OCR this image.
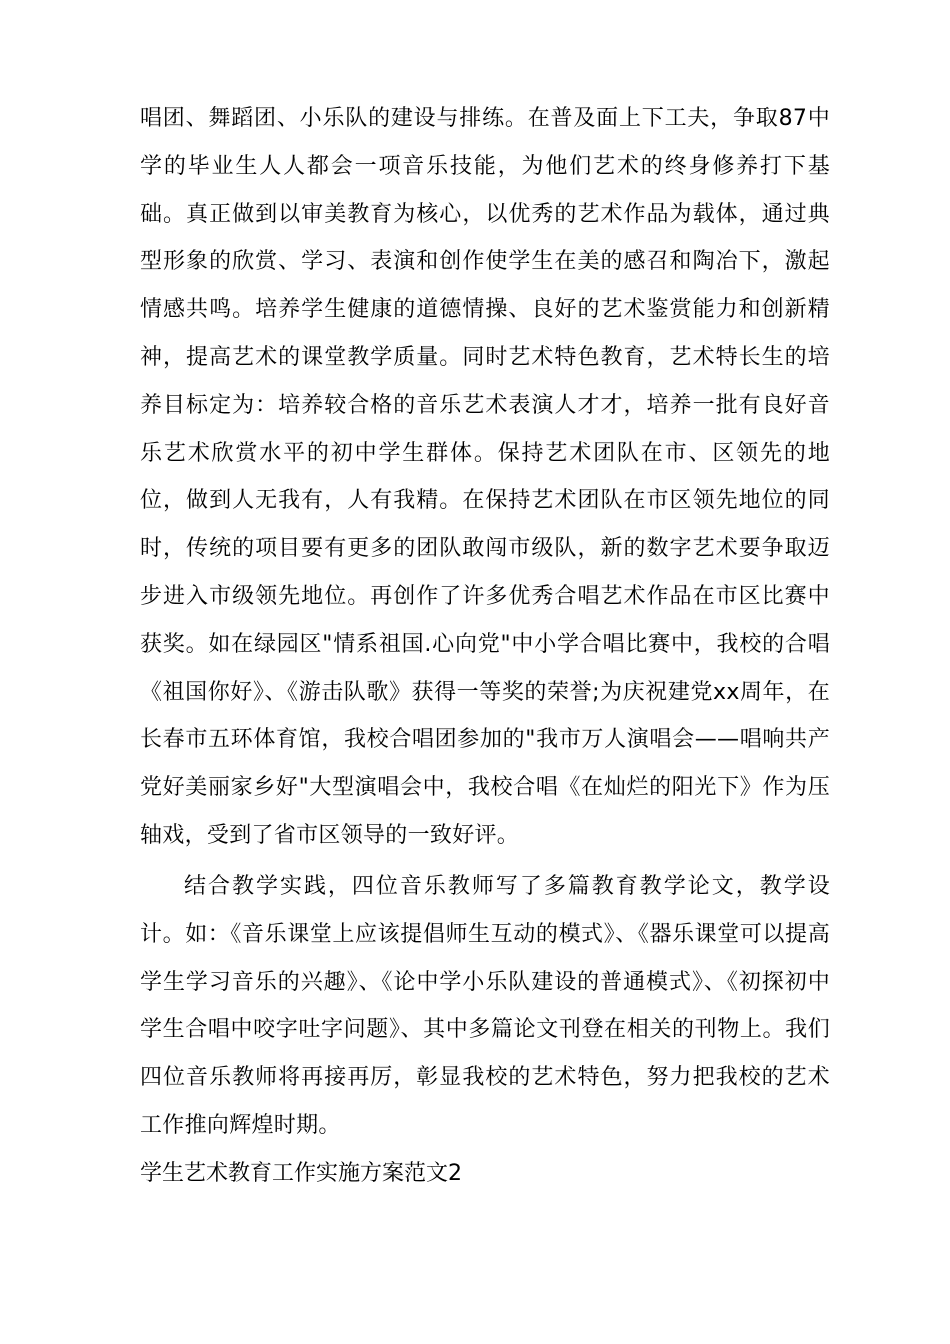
唱团、舞蹈团、小乐队的建设与排练。在普及面上下工夫，争取87中学的毕业生人人都会一项音乐技能，为他们艺术的终身修养打下基础。真正做到以审美教育为核心，以优秀的艺术作品为载体，通过典型形象的欣赏、学习、表演和创作使学生在美的感召和陶冶下，激起情感共鸣。培养学生健康的道德情操、良好的艺术鉴赏能力和创新精神，提高艺术的课堂教学质量。同时艺术特色教育，艺术特长生的培养目标定为：培养较合格的音乐艺术表演人才才，培养一批有良好音乐艺术欣赏水平的初中学生群体。保持艺术团队在市、区领先的地位，做到人无我有，人有我精。在保持艺术团队在市区领先地位的同时，传统的项目要有更多的团队敢闯市级队，新的数字艺术要争取迈步进入市级领先地位。再创作了许多优秀合唱艺术作品在市区比赛中获奖。如在绿园区"情系祖国.心向党"中小学合唱比赛中，我校的合唱《祖国你好》、《游击队歌》获得一等奖的荣誉;为庆祝建党xx周年，在长春市五环体育馆，我校合唱团参加的"我市万人演唱会——唱响共产党好美丽家乡好"大型演唱会中，我校合唱《在灿烂的阳光下》作为压轴戏，受到了省市区领导的一致好评。

结合教学实践，四位音乐教师写了多篇教育教学论文，教学设计。如：《音乐课堂上应该提倡师生互动的模式》、《器乐课堂可以提高学生学习音乐的兴趣》、《论中学小乐队建设的普通模式》、《初探初中学生合唱中咬字吐字问题》、其中多篇论文刊登在相关的刊物上。我们四位音乐教师将再接再厉，彰显我校的艺术特色，努力把我校的艺术工作推向辉煌时期。

学生艺术教育工作实施方案范文2
